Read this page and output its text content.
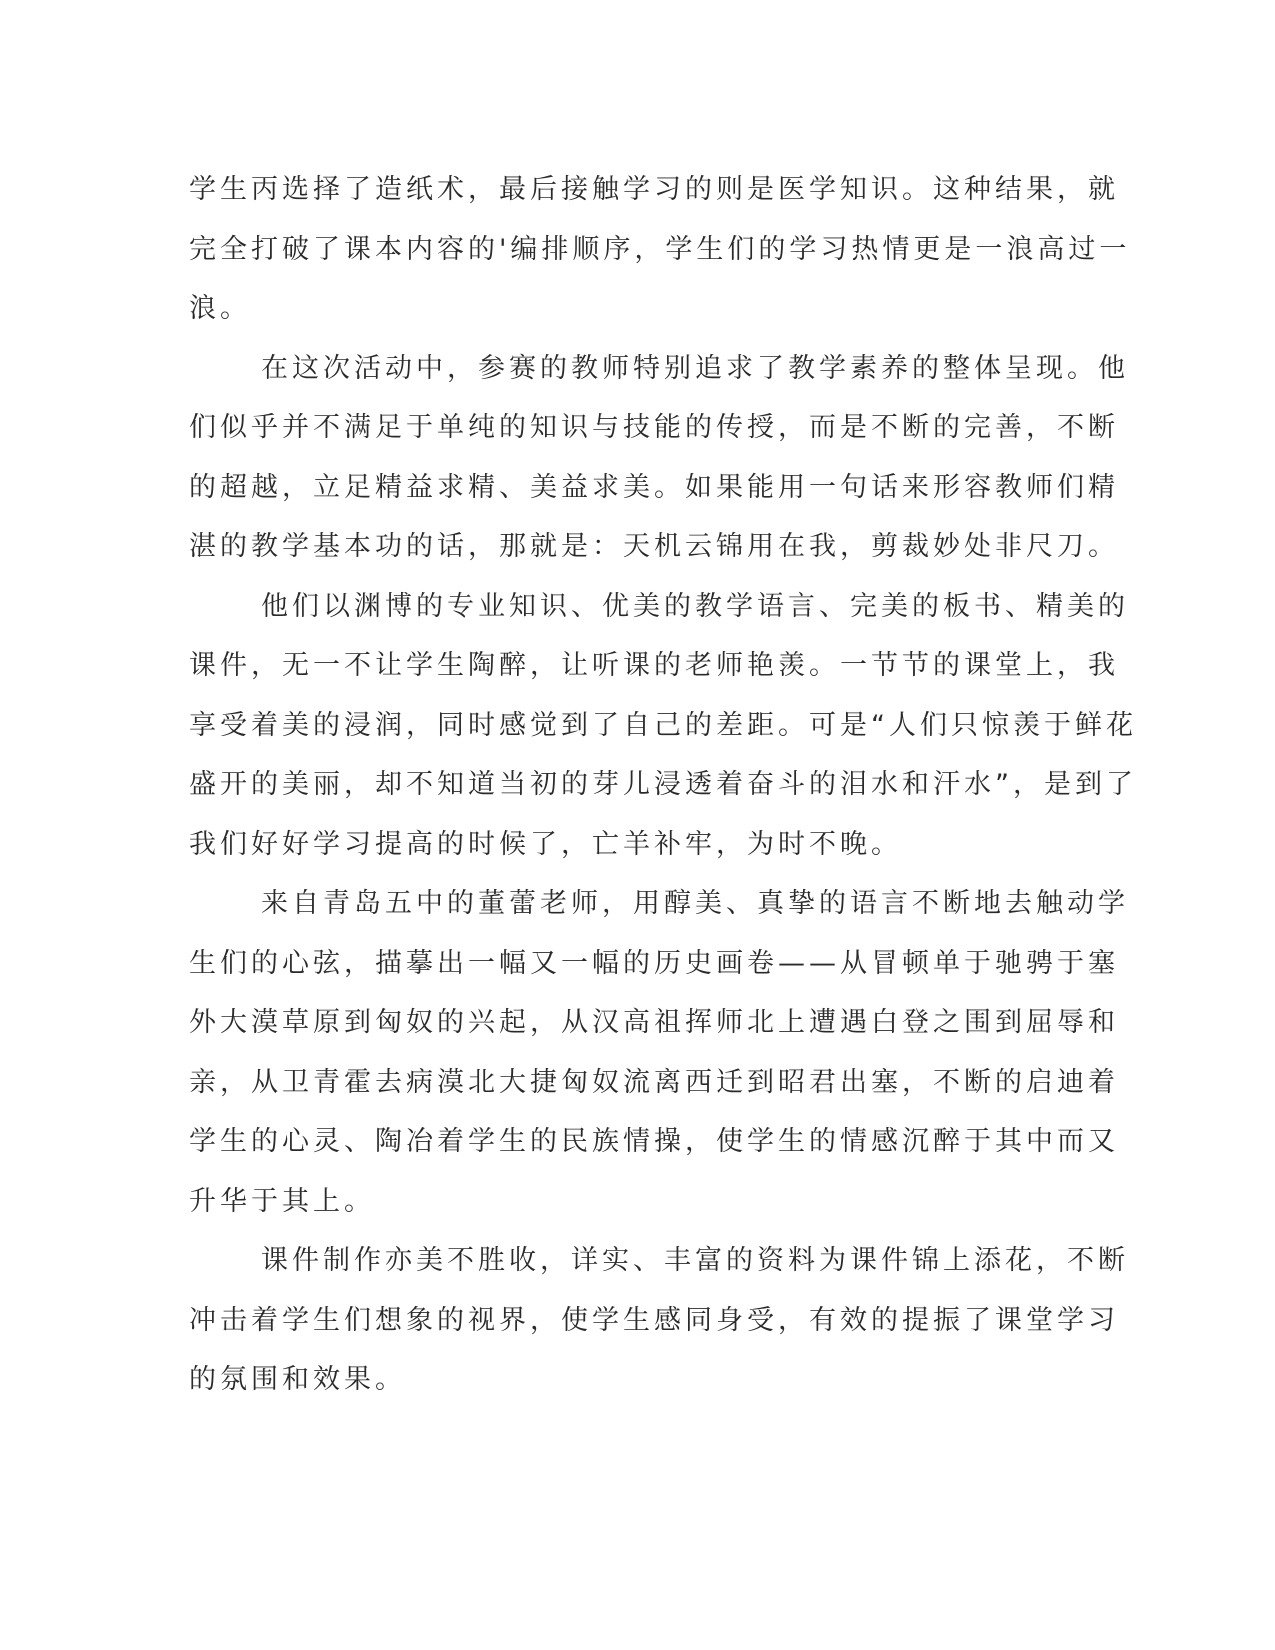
学生丙选择了造纸术，最后接触学习的则是医学知识。这种结果，就
完全打破了课本内容的'编排顺序，学生们的学习热情更是一浪高过一
浪。
在这次活动中，参赛的教师特别追求了教学素养的整体呈现。他
们似乎并不满足于单纯的知识与技能的传授，而是不断的完善，不断
的超越，立足精益求精、美益求美。如果能用一句话来形容教师们精
湛的教学基本功的话，那就是：天机云锦用在我，剪裁妙处非尺刀。
他们以渊博的专业知识、优美的教学语言、完美的板书、精美的
课件，无一不让学生陶醉，让听课的老师艳羡。一节节的课堂上，我
享受着美的浸润，同时感觉到了自己的差距。可是“人们只惊羡于鲜花
盛开的美丽，却不知道当初的芽儿浸透着奋斗的泪水和汗水”，是到了
我们好好学习提高的时候了，亡羊补牢，为时不晚。
来自青岛五中的董蕾老师，用醇美、真挚的语言不断地去触动学
生们的心弦，描摹出一幅又一幅的历史画卷——从冒顿单于驰骋于塞
外大漠草原到匈奴的兴起，从汉高祖挥师北上遭遇白登之围到屈辱和
亲，从卫青霍去病漠北大捷匈奴流离西迁到昭君出塞，不断的启迪着
学生的心灵、陶冶着学生的民族情操，使学生的情感沉醉于其中而又
升华于其上。
课件制作亦美不胜收，详实、丰富的资料为课件锦上添花，不断
冲击着学生们想象的视界，使学生感同身受，有效的提振了课堂学习
的氛围和效果。
